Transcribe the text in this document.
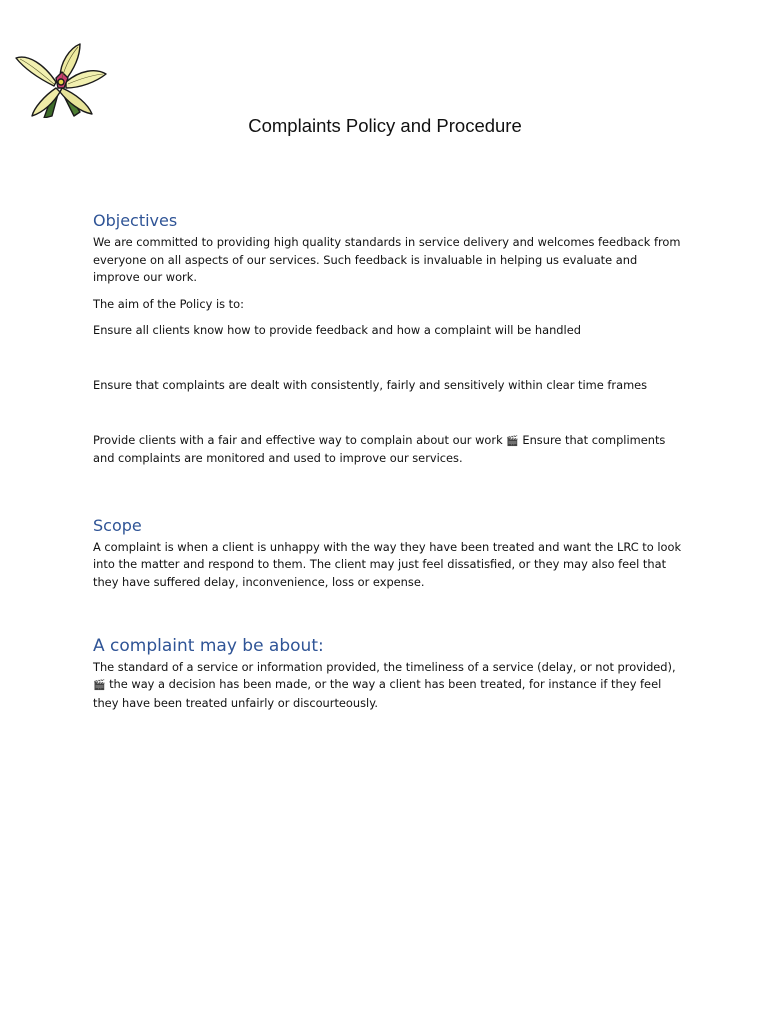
Complaints Policy and Procedure
Objectives

We are committed to providing high quality standards in service delivery and welcomes feedback from everyone on all aspects of our services. Such feedback is invaluable in helping us evaluate and improve our work.

The aim of the Policy is to:

Ensure all clients know how to provide feedback and how a complaint will be handled

Ensure that complaints are dealt with consistently, fairly and sensitively within clear time frames

Provide clients with a fair and effective way to complain about our work 🎬 Ensure that compliments and complaints are monitored and used to improve our services.

Scope

A complaint is when a client is unhappy with the way they have been treated and want the LRC to look into the matter and respond to them. The client may just feel dissatisfied, or they may also feel that they have suffered delay, inconvenience, loss or expense.

A complaint may be about:

The standard of a service or information provided, the timeliness of a service (delay, or not provided), 🎬 the way a decision has been made, or the way a client has been treated, for instance if they feel they have been treated unfairly or discourteously.
